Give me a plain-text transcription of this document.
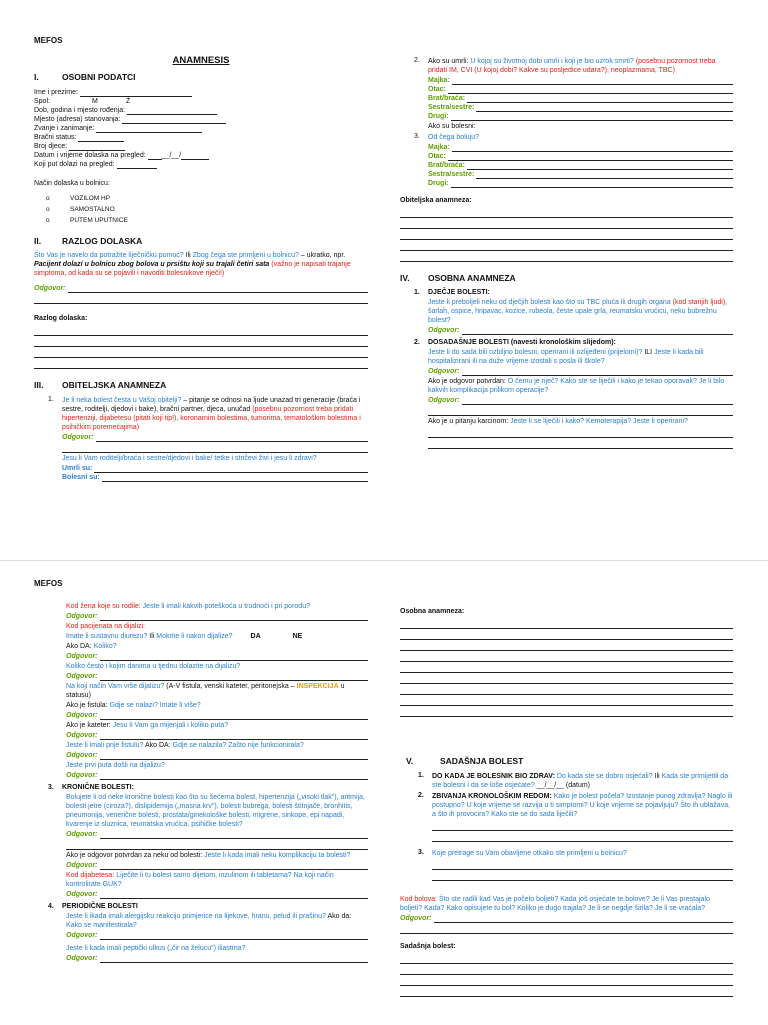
MEFOS
ANAMNESIS
I.	OSOBNI PODATCI
Ime i prezime:
Spol:	M	Ž
Dob, godina i mjesto rođenja:
Mjesto (adresa) stanovanja:
Zvanje i zanimanje:
Bračni status:
Broj djece:
Datum i vrijeme dolaska na pregled: __/__/
Koji put dolazi na pregled:
Način dolaska u bolnicu:
o	VOZILOM HP
o	SAMOSTALNO
o	PUTEM UPUTNICE
II.	RAZLOG DOLASKA
Što Vas je navelo da potražite liječničku pomoć? Ili Zbog čega ste primljeni u bolnicu? – ukratko, npr. Pacijent dolazi u bolnicu zbog bolova u prsištu koji su trajali četiri sata (važno je napisati trajanje simptoma, od kada su se pojavili i navoditi bolesnikove riječi!)
Odgovor:
Razlog dolaska:
III.	OBITELJSKA ANAMNEZA
1.	Je li neka bolest česta u Vašoj obitelji? – pitanje se odnosi na ljude unazad tri generacije (braća i sestre, roditelji, djedovi i bake), bračni partner, djeca, unučad (posebnu pozornost treba pridati hipertenziji, dijabetesu (pitati koji tip!), koronarnim bolestima, tumorima, tematološkim bolestima i psihičkim poremećajima)
Odgovor:
Jesu li Vam roditelji/braća i sestre/djedovi i bake/ tetke i stričevi živi i jesu li zdravi?
Umrli su:
Bolesni su:
2.	Ako su umrli: U kojoj su životnoj dobi umrli i koji je bio uzrok smrti? (posebnu pozornost treba pridati IM, CVI (U kojoj dobi? Kakve su posljedice udara?), neoplazmama, TBC)
Majka:
Otac:
Brat/braća:
Sestra/sestre:
Drugi:
Ako su bolesni:
3.	Od čega boluju?
Majka:
Otac:
Brat/braća:
Sestra/sestre:
Drugi:
Obiteljska anamneza:
IV.	OSOBNA ANAMNEZA
1.	DJEČJE BOLESTI:
Jeste li preboljeli neku od dječjih bolesti kao što su TBC pluća ili drugih organa (kod starijih ljudi), šarlah, ospice, hripavac, kozice, rubeola, česte upale grla, reumatsku vrućicu, neku bubrežnu bolest?
Odgovor:
2.	DOSADAŠNJE BOLESTI (navesti kronološkim slijedom):
Jeste li do sada bili ozbiljno bolesni, operirani ili ozlijeđeni (prijelomi)? ILI Jeste li kada bili hospitalizirani ili na duže vrijeme izostali s posla ili škole?
Odgovor:
Ako je odgovor potvrdan: O čemu je riječ? Kako ste se liječili i kako je tekao oporavak? Je li bilo kakvih komplikacija prilikom operacije?
Odgovor:
Ako je u pitanju karcinom: Jeste li se liječili i kako? Kemoterapija? Jeste li operirani?
MEFOS
Kod žena koje su rodile: Jeste li imali kakvih poteškoća u trudnoći i pri porodu?
Odgovor:
Kod pacijenata na dijalizi:
Imate li sustavnu diurezu? Ili Mokrite li nakon dijalize?	DA	NE
Ako DA: Koliko?
Odgovor:
Koliko često i kojim danima u tjednu dolazite na dijalizu?
Odgovor:
Na koji način Vam vrše dijalizu? (A-V fistula, venski kateter, peritonejska – INSPEKCIJA u statusu)
Ako je fistula: Gdje se nalazi? Imate li više?
Odgovor:
Ako je kateter: Jesu li Vam ga mijenjali i koliko puta?
Odgovor:
Jeste li imali prije fistulu? Ako DA: Gdje se nalazila? Zašto nije funkcionirala?
Odgovor:
Jeste prvi puta došli na dijalizu?
Odgovor:
3.	KRONIČNE BOLESTI:
Bolujete li od neke kronične bolesti kao što su šećerna bolest, hipertenzija („visoki tlak"), aritmija, bolesti jetre (ciroza?), dislipidemija („masna krv"), bolesti bubrega, bolesti štitnjače, bronhitis, pneumonija, venerične bolesti, prostata/ginekološke bolesti, migrene, sinkope, epi napadi, kvarenje iz sluznica, reumatska vrućica, psihičke bolesti?
Odgovor:
Ako je odgovor potvrdan za neku od bolesti: Jeste li kada imali neku komplikaciju ta bolesti?
Odgovor:
Kod dijabetesa: Liječite li tu bolest samo dijetom, inzulinom ili tabletama? Na koji način kontrolirate GUK?
Odgovor:
4.	PERIODIČNE BOLESTI
Jeste li ikada imali alergijsku reakciju primjerice na lijekove, hranu, pelud ili prašinu? Ako da: Kako se manifestirala?
Odgovor:
Jeste li kada imali peptički ulkus („čir na želucu") iliastma?
Odgovor:
Osobna anamneza:
V.	SADAŠNJA BOLEST
1.	DO KADA JE BOLESNIK BIO ZDRAV: Do kada ste se dobro osjećali? Ili Kada ste primijetili da ste bolesni i da se loše osjećate? __/__/__ (datum)
2.	ZBIVANJA KRONOLOŠKIM REDOM: Kako je bolest počela? Izostanje punog zdravlja? Naglo ili postupno? U koje vrijeme se razvija u ti simptomi? U koje vrijeme se pojavljuju? Što ih ublažava, a što ih provocira? Kako ste se do sada liječili?
3.	Koje pretrage su Vam obavljene otkako ste primljeni u bolnicu?
Kod bolova: Što ste radili kad Vas je počelo boljeti? Kada još osjećate te bolove? Je li Vas prestajalo boljeti? Kada? Kako opisujete tu bol? Koliko je dugo trajala? Je li se negdje širila? Je li se vraćala?
Odgovor:
Sadašnja bolest:
